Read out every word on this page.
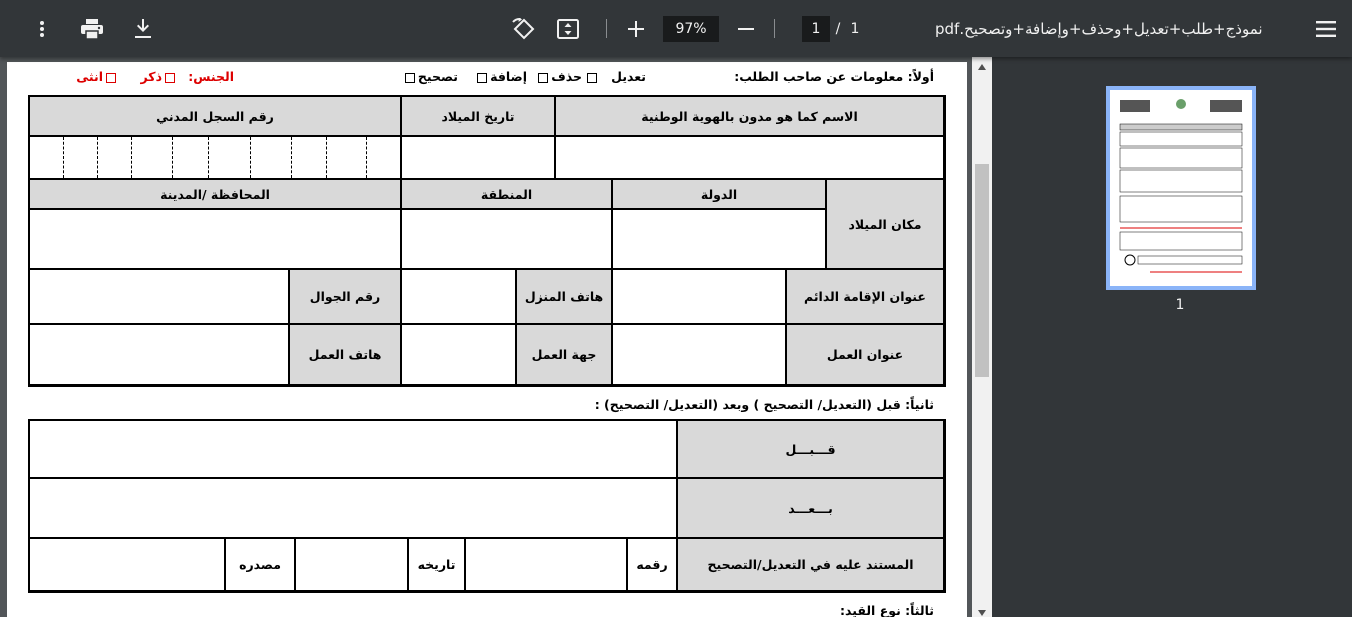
نموذج+طلب+تعديل+وحذف+وإضافة+وتصحيح.pdf
1	/ 1
97%
أولاً: معلومات عن صاحب الطلب:
تعديل
حذف
إضافة
تصحيح
الجنس:
ذكر
انثى
الاسم كما هو مدون بالهوية الوطنية
تاريخ الميلاد
رقم السجل المدني
مكان الميلاد
الدولة
المنطقة
المحافظة /المدينة
عنوان الإقامة الدائم
هاتف المنزل
رقم الجوال
عنوان العمل
جهة العمل
هاتف العمل
ثانياً: قبل (التعديل/ التصحيح ) وبعد (التعديل/ التصحيح) :
قـــبـــل
بـــعـــد
المستند عليه في التعديل/التصحيح
رقمه
تاريخه
مصدره
ثالثاً: نوع القيد:
1
